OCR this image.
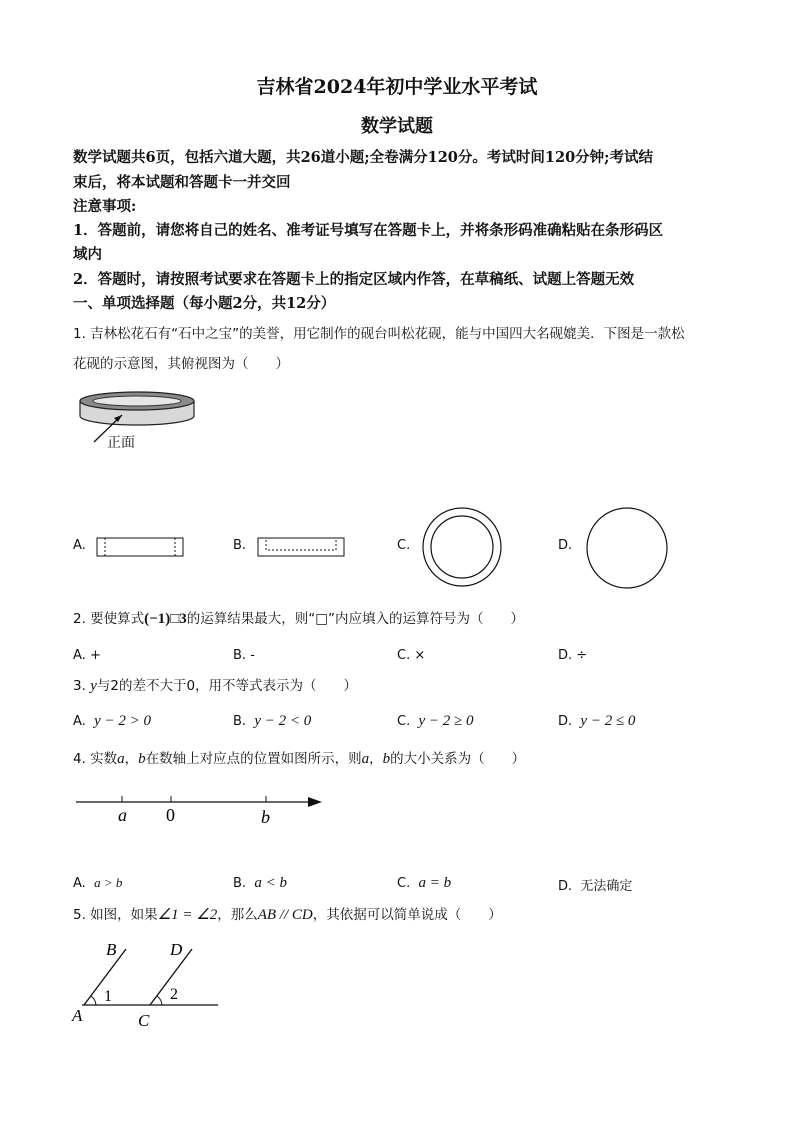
吉林省2024年初中学业水平考试
数学试题
数学试题共6页，包括六道大题，共26道小题;全卷满分120分。考试时间120分钟;考试结
束后，将本试题和答题卡一并交回
注意事项:
1．答题前，请您将自己的姓名、准考证号填写在答题卡上，并将条形码准确粘贴在条形码区
域内
2．答题时，请按照考试要求在答题卡上的指定区域内作答，在草稿纸、试题上答题无效
一、单项选择题（每小题2分，共12分）
1. 吉林松花石有“石中之宝”的美誉，用它制作的砚台叫松花砚，能与中国四大名砚媲美．下图是一款松
花砚的示意图，其俯视图为（　　）
正面
A.	B.	C.	D.
2. 要使算式(−1)□3的运算结果最大，则“□”内应填入的运算符号为（　　）
A. +	B. -	C. ×	D. ÷
3. y与2的差不大于0，用不等式表示为（　　）
A. y − 2 > 0	B. y − 2 < 0	C. y − 2 ≥ 0	D. y − 2 ≤ 0
4. 实数a，b在数轴上对应点的位置如图所示，则a，b的大小关系为（　　）
a 0	b
A. a > b	B. a < b	C. a = b	D. 无法确定
5. 如图，如果∠1 = ∠2，那么AB // CD，其依据可以简单说成（　　）
B	D
A	C
1	2
